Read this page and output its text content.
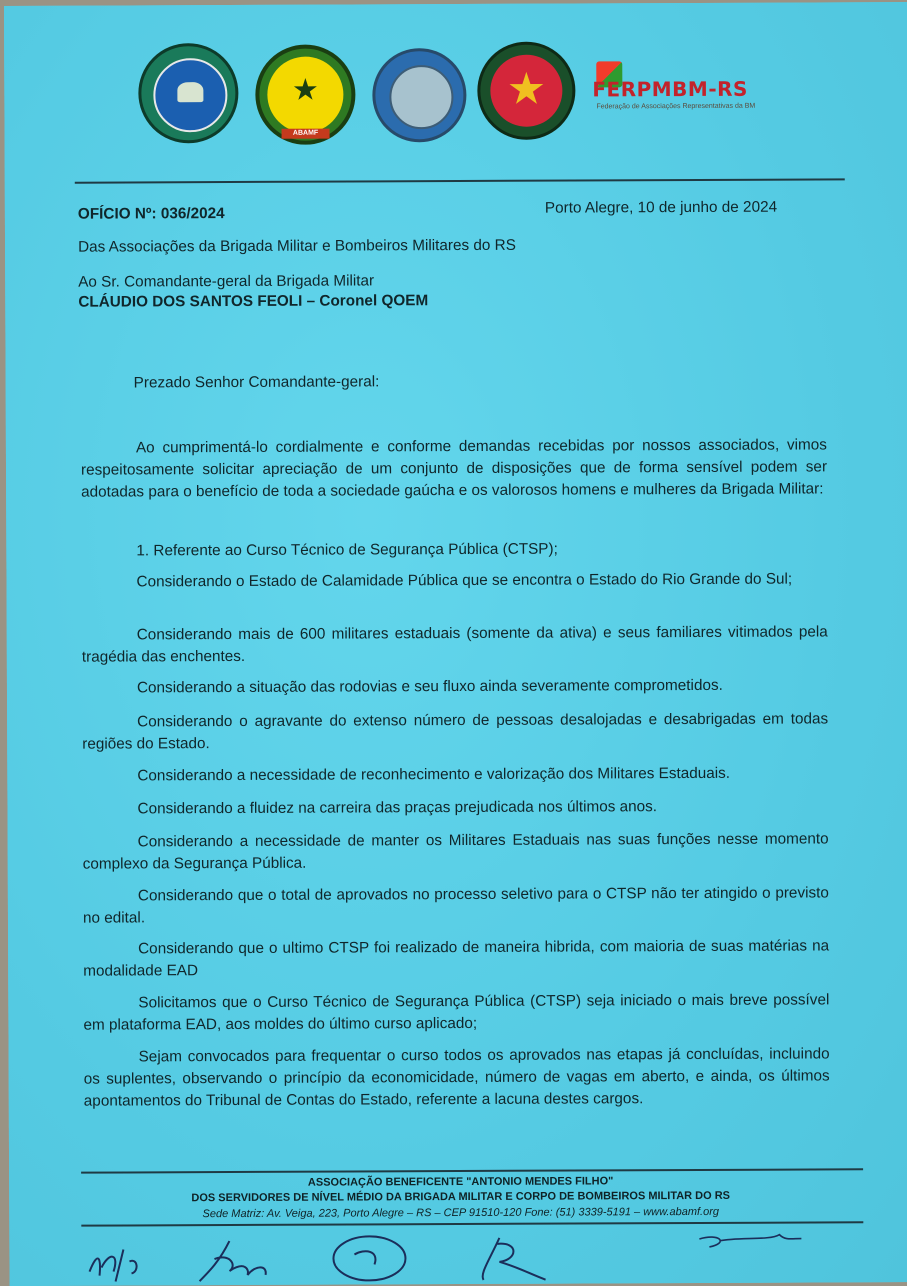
★
ABAMF
★	FERPMBM-RS
Federação de Associações Representativas da BM
OFÍCIO Nº: 036/2024	Porto Alegre, 10 de junho de 2024
Das Associações da Brigada Militar e Bombeiros Militares do RS
Ao Sr. Comandante-geral da Brigada Militar
CLÁUDIO DOS SANTOS FEOLI – Coronel QOEM
Prezado Senhor Comandante-geral:
Ao cumprimentá-lo cordialmente e conforme demandas recebidas por nossos associados, vimos respeitosamente solicitar apreciação de um conjunto de disposições que de forma sensível podem ser adotadas para o benefício de toda a sociedade gaúcha e os valorosos homens e mulheres da Brigada Militar:
1. Referente ao Curso Técnico de Segurança Pública (CTSP);
Considerando o Estado de Calamidade Pública que se encontra o Estado do Rio Grande do Sul;
Considerando mais de 600 militares estaduais (somente da ativa) e seus familiares vitimados pela tragédia das enchentes.
Considerando a situação das rodovias e seu fluxo ainda severamente comprometidos.
Considerando o agravante do extenso número de pessoas desalojadas e desabrigadas em todas regiões do Estado.
Considerando a necessidade de reconhecimento e valorização dos Militares Estaduais.
Considerando a fluidez na carreira das praças prejudicada nos últimos anos.
Considerando a necessidade de manter os Militares Estaduais nas suas funções nesse momento complexo da Segurança Pública.
Considerando que o total de aprovados no processo seletivo para o CTSP não ter atingido o previsto no edital.
Considerando que o ultimo CTSP foi realizado de maneira hibrida, com maioria de suas matérias na modalidade EAD
Solicitamos que o Curso Técnico de Segurança Pública (CTSP) seja iniciado o mais breve possível em plataforma EAD, aos moldes do último curso aplicado;
Sejam convocados para frequentar o curso todos os aprovados nas etapas já concluídas, incluindo os suplentes, observando o princípio da economicidade, número de vagas em aberto, e ainda, os últimos apontamentos do Tribunal de Contas do Estado, referente a lacuna destes cargos.
ASSOCIAÇÃO BENEFICENTE "ANTONIO MENDES FILHO"
DOS SERVIDORES DE NÍVEL MÉDIO DA BRIGADA MILITAR E CORPO DE BOMBEIROS MILITAR DO RS
Sede Matriz: Av. Veiga, 223, Porto Alegre – RS – CEP 91510-120 Fone: (51) 3339-5191 – www.abamf.org
